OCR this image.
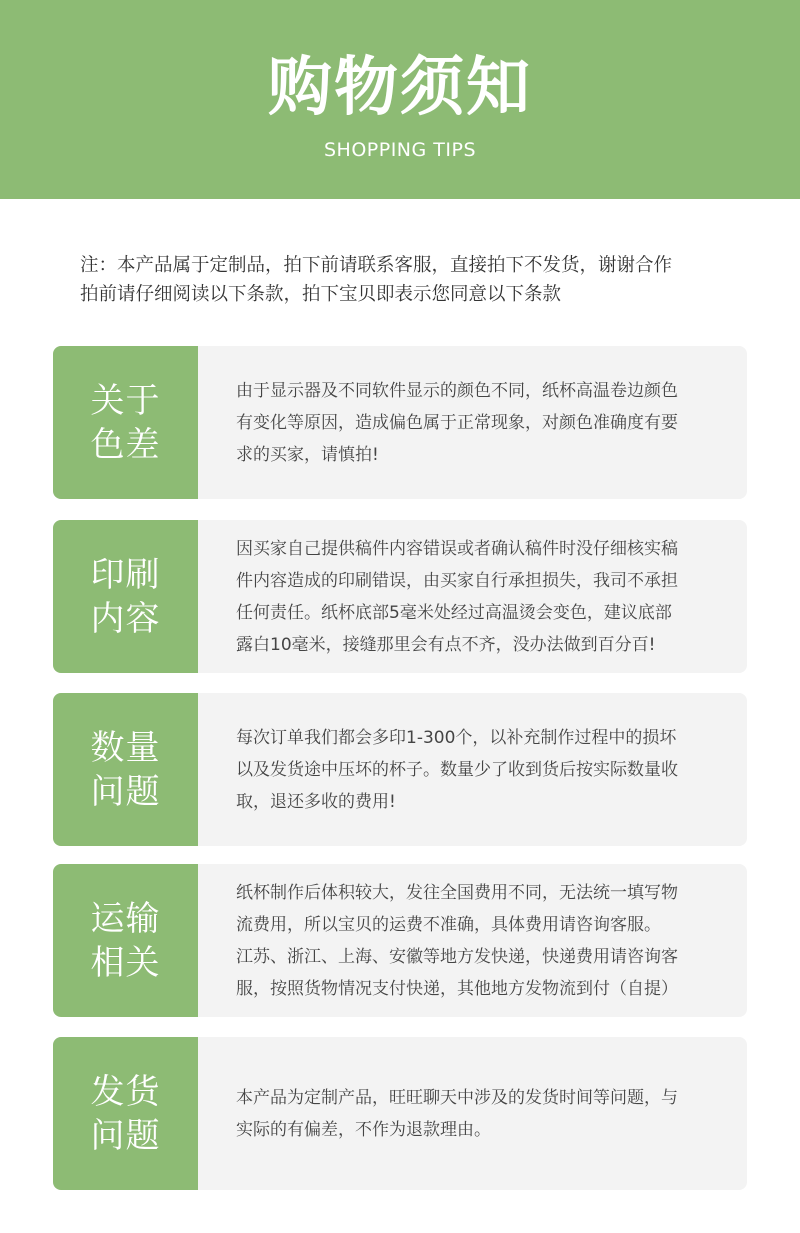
购物须知
SHOPPING TIPS
注：本产品属于定制品，拍下前请联系客服，直接拍下不发货，谢谢合作
拍前请仔细阅读以下条款，拍下宝贝即表示您同意以下条款
关于
色差
由于显示器及不同软件显示的颜色不同，纸杯高温卷边颜色
有变化等原因，造成偏色属于正常现象，对颜色准确度有要
求的买家，请慎拍!
印刷
内容
因买家自己提供稿件内容错误或者确认稿件时没仔细核实稿
件内容造成的印刷错误，由买家自行承担损失，我司不承担
任何责任。纸杯底部5毫米处经过高温烫会变色，建议底部
露白10毫米，接缝那里会有点不齐，没办法做到百分百!
数量
问题
每次订单我们都会多印1-300个，以补充制作过程中的损坏
以及发货途中压坏的杯子。数量少了收到货后按实际数量收
取，退还多收的费用!
运输
相关
纸杯制作后体积较大，发往全国费用不同，无法统一填写物
流费用，所以宝贝的运费不准确，具体费用请咨询客服。
江苏、浙江、上海、安徽等地方发快递，快递费用请咨询客
服，按照货物情况支付快递，其他地方发物流到付（自提）
发货
问题
本产品为定制产品，旺旺聊天中涉及的发货时间等问题，与
实际的有偏差，不作为退款理由。
